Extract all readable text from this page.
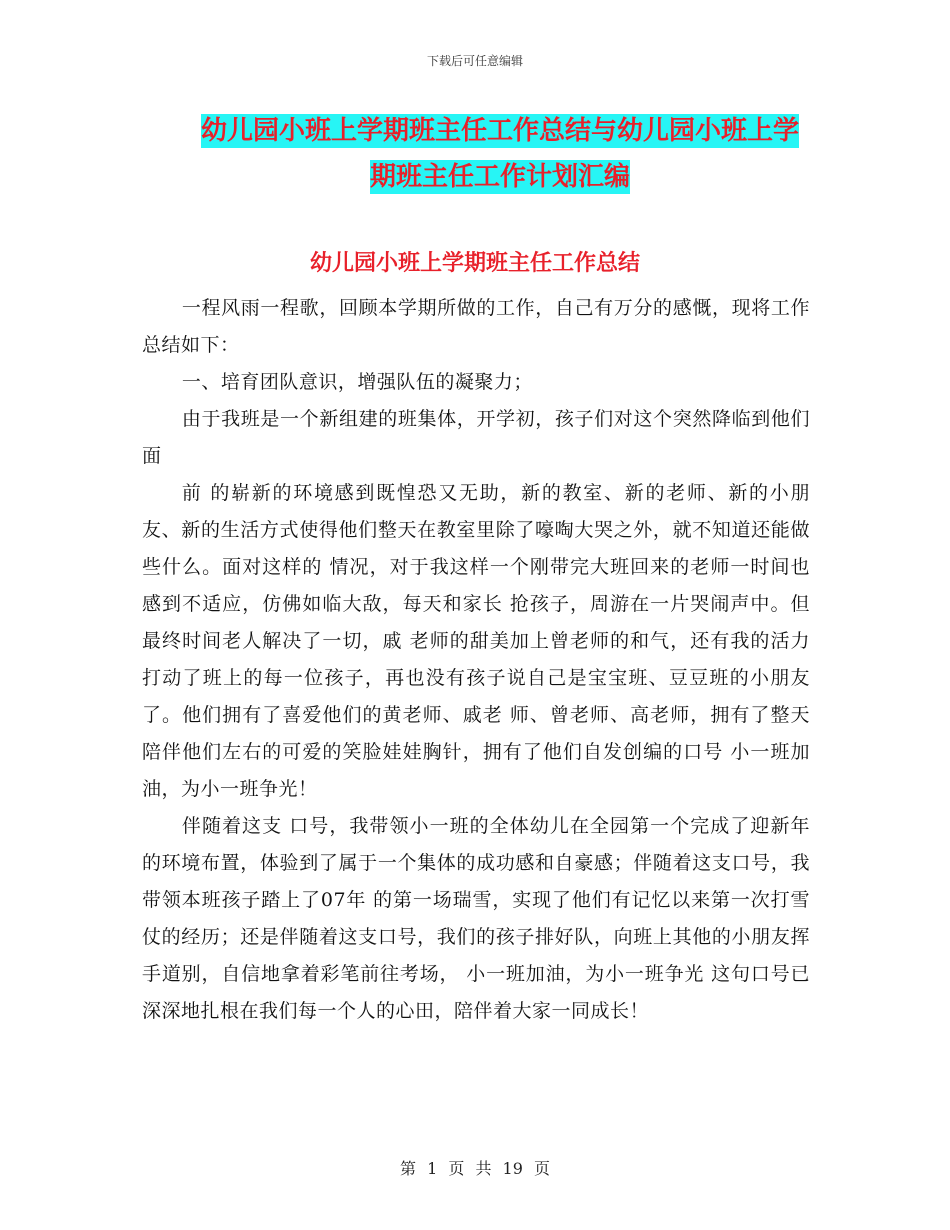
下载后可任意编辑
幼儿园小班上学期班主任工作总结与幼儿园小班上学
期班主任工作计划汇编
幼儿园小班上学期班主任工作总结

一程风雨一程歌，回顾本学期所做的工作，自己有万分的感慨，现将工作总结如下：

一、培育团队意识，增强队伍的凝聚力；

由于我班是一个新组建的班集体，开学初，孩子们对这个突然降临到他们面

前 的崭新的环境感到既惶恐又无助，新的教室、新的老师、新的小朋友、新的生活方式使得他们整天在教室里除了嚎啕大哭之外，就不知道还能做些什么。面对这样的 情况，对于我这样一个刚带完大班回来的老师一时间也感到不适应，仿佛如临大敌，每天和家长 抢孩子，周游在一片哭闹声中。但最终时间老人解决了一切，戚 老师的甜美加上曾老师的和气，还有我的活力打动了班上的每一位孩子，再也没有孩子说自己是宝宝班、豆豆班的小朋友了。他们拥有了喜爱他们的黄老师、戚老 师、曾老师、高老师，拥有了整天陪伴他们左右的可爱的笑脸娃娃胸针，拥有了他们自发创编的口号 小一班加油，为小一班争光！

伴随着这支 口号，我带领小一班的全体幼儿在全园第一个完成了迎新年的环境布置，体验到了属于一个集体的成功感和自豪感；伴随着这支口号，我带领本班孩子踏上了07年 的第一场瑞雪，实现了他们有记忆以来第一次打雪仗的经历；还是伴随着这支口号，我们的孩子排好队，向班上其他的小朋友挥手道别，自信地拿着彩笔前往考场， 小一班加油，为小一班争光 这句口号已深深地扎根在我们每一个人的心田，陪伴着大家一同成长！

第 1 页 共 19 页
